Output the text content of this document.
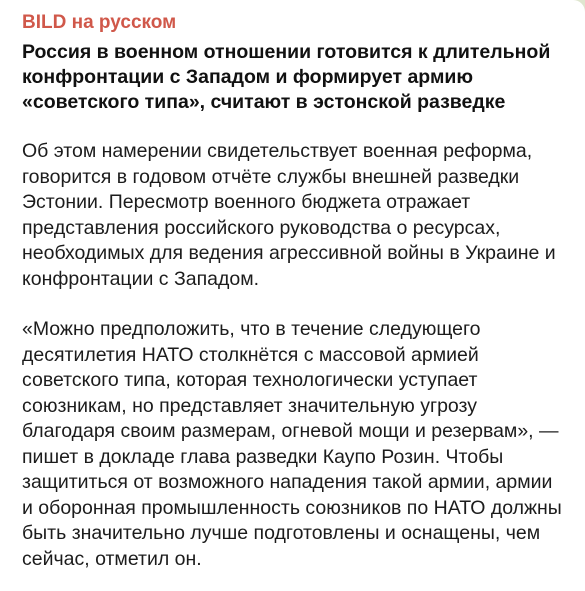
BILD на русском
Россия в военном отношении готовится к длительной конфронтации с Западом и формирует армию «советского типа», считают в эстонской разведке
Об этом намерении свидетельствует военная реформа, говорится в годовом отчёте службы внешней разведки Эстонии. Пересмотр военного бюджета отражает представления российского руководства о ресурсах, необходимых для ведения агрессивной войны в Украине и конфронтации с Западом.
«Можно предположить, что в течение следующего десятилетия НАТО столкнётся с массовой армией советского типа, которая технологически уступает союзникам, но представляет значительную угрозу благодаря своим размерам, огневой мощи и резервам», — пишет в докладе глава разведки Каупо Розин. Чтобы защититься от возможного нападения такой армии, армии и оборонная промышленность союзников по НАТО должны быть значительно лучше подготовлены и оснащены, чем сейчас, отметил он.
